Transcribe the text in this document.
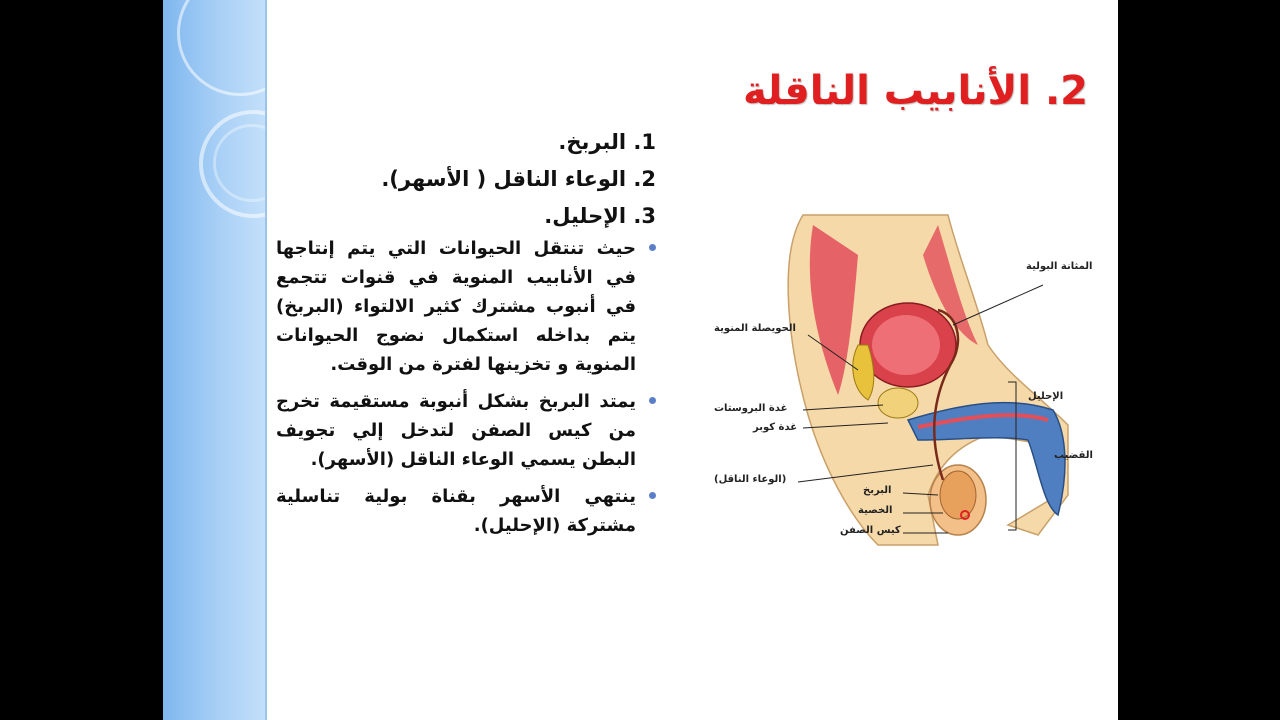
2. الأنابيب الناقلة
1. البربخ.
2. الوعاء الناقل ( الأسهر).
3. الإحليل.
حيث تنتقل الحيوانات التي يتم إنتاجها في الأنابيب المنوية في قنوات تتجمع في أنبوب مشترك كثير الالتواء (البربخ) يتم بداخله استكمال نضوج الحيوانات المنوية و تخزينها لفترة من الوقت.
يمتد البربخ بشكل أنبوبة مستقيمة تخرج من كيس الصفن لتدخل إلي تجويف البطن يسمي الوعاء الناقل (الأسهر).
ينتهي الأسهر بقناة بولية تناسلية مشتركة (الإحليل).
المثانة البولية
الحويصلة المنوية
غدة البروستات
غدة كوبر
(الوعاء الناقل)
البربخ
الخصية
كيس الصفن
الإحليل
القضيب
